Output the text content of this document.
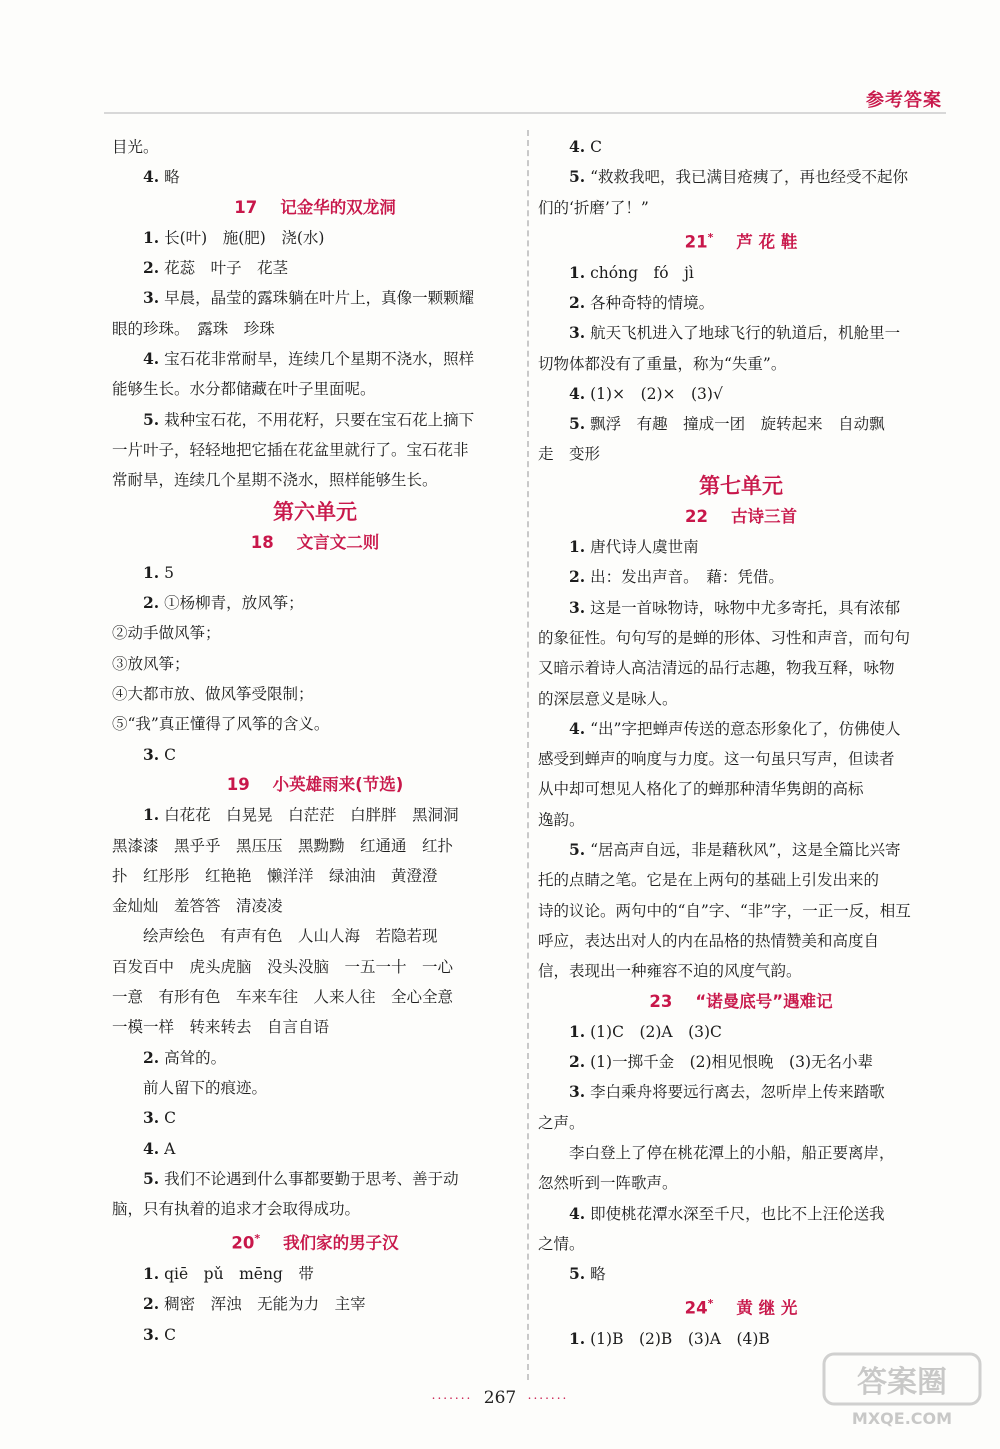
参考答案
目光。
4. 略
17 记金华的双龙洞
1. 长(叶)　施(肥)　浇(水)
2. 花蕊　叶子　花茎
3. 早晨，晶莹的露珠躺在叶片上，真像一颗颗耀
眼的珍珠。　露珠　珍珠
4. 宝石花非常耐旱，连续几个星期不浇水，照样
能够生长。水分都储藏在叶子里面呢。
5. 栽种宝石花，不用花籽，只要在宝石花上摘下
一片叶子，轻轻地把它插在花盆里就行了。宝石花非
常耐旱，连续几个星期不浇水，照样能够生长。
第六单元
18 文言文二则
1. 5
2. ①杨柳青，放风筝；
②动手做风筝；
③放风筝；
④大都市放、做风筝受限制；
⑤“我”真正懂得了风筝的含义。
3. C
19 小英雄雨来(节选)
1. 白花花　白晃晃　白茫茫　白胖胖　黑洞洞
黑漆漆　黑乎乎　黑压压　黑黝黝　红通通　红扑
扑　红彤彤　红艳艳　懒洋洋　绿油油　黄澄澄
金灿灿　羞答答　清凌凌
绘声绘色　有声有色　人山人海　若隐若现
百发百中　虎头虎脑　没头没脑　一五一十　一心
一意　有形有色　车来车往　人来人往　全心全意
一模一样　转来转去　自言自语
2. 高耸的。
前人留下的痕迹。
3. C
4. A
5. 我们不论遇到什么事都要勤于思考、善于动
脑，只有执着的追求才会取得成功。
20* 我们家的男子汉
1. qiē　pǔ　mēng　带
2. 稠密　浑浊　无能为力　主宰
3. C
4. C
5. “救救我吧，我已满目疮痍了，再也经受不起你
们的‘折磨’了！”
21* 芦 花 鞋
1. chóng　fó　jì
2. 各种奇特的情境。
3. 航天飞机进入了地球飞行的轨道后，机舱里一
切物体都没有了重量，称为“失重”。
4. (1)×　(2)×　(3)√
5. 飘浮　有趣　撞成一团　旋转起来　自动飘
走　变形
第七单元
22 古诗三首
1. 唐代诗人虞世南
2. 出：发出声音。　藉：凭借。
3. 这是一首咏物诗，咏物中尤多寄托，具有浓郁
的象征性。句句写的是蝉的形体、习性和声音，而句句
又暗示着诗人高洁清远的品行志趣，物我互释，咏物
的深层意义是咏人。
4. “出”字把蝉声传送的意态形象化了，仿佛使人
感受到蝉声的响度与力度。这一句虽只写声，但读者
从中却可想见人格化了的蝉那种清华隽朗的高标
逸韵。
5. “居高声自远，非是藉秋风”，这是全篇比兴寄
托的点睛之笔。它是在上两句的基础上引发出来的
诗的议论。两句中的“自”字、“非”字，一正一反，相互
呼应，表达出对人的内在品格的热情赞美和高度自
信，表现出一种雍容不迫的风度气韵。
23 “诺曼底号”遇难记
1. (1)C　(2)A　(3)C
2. (1)一掷千金　(2)相见恨晚　(3)无名小辈
3. 李白乘舟将要远行离去，忽听岸上传来踏歌
之声。
李白登上了停在桃花潭上的小船，船正要离岸，
忽然听到一阵歌声。
4. 即使桃花潭水深至千尺，也比不上汪伦送我
之情。
5. 略
24* 黄 继 光
1. (1)B　(2)B　(3)A　(4)B
······· 267 ·······	答案圈
MXQE.COM
